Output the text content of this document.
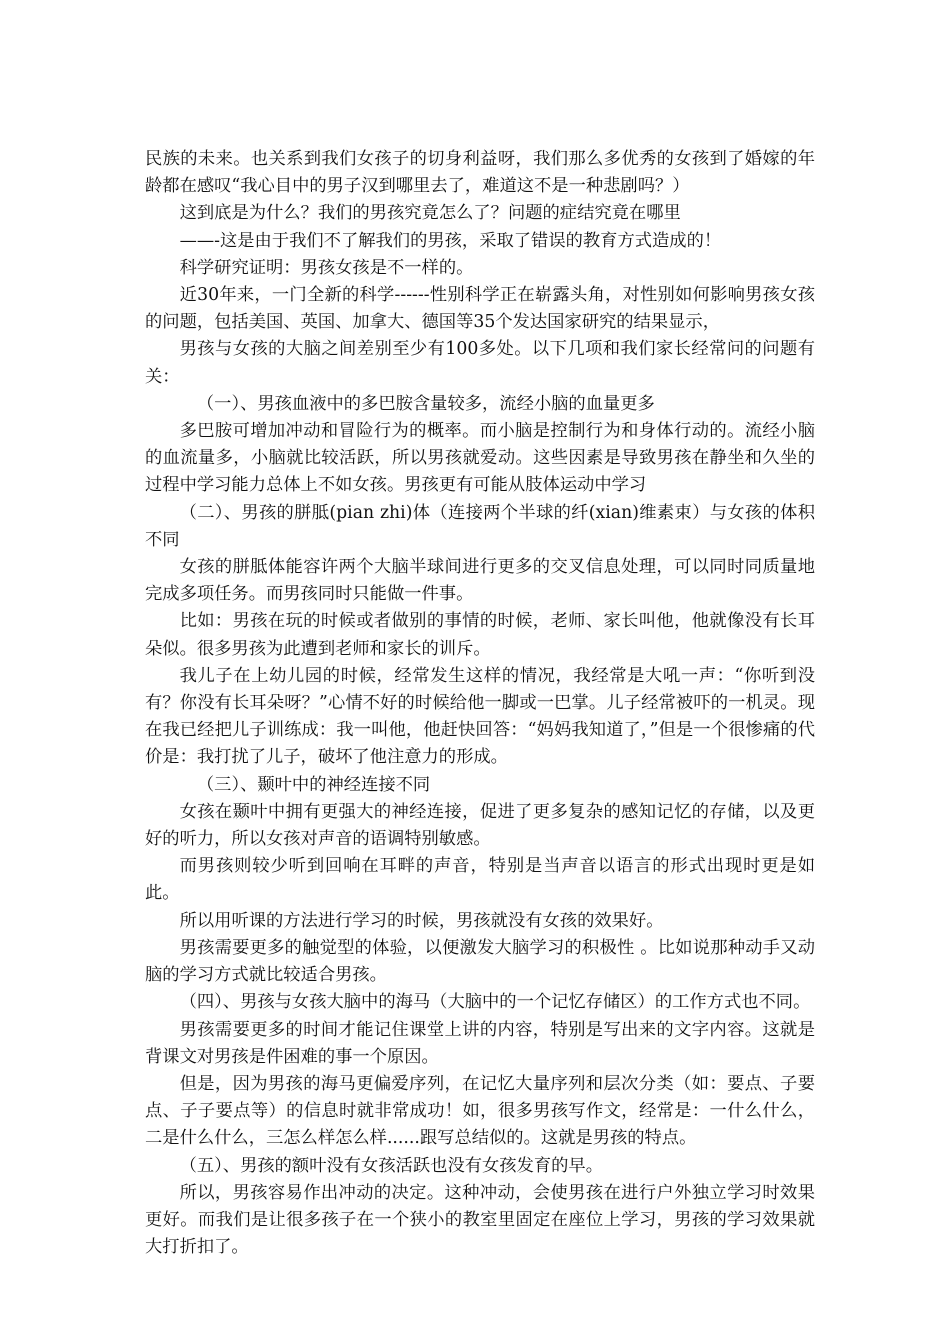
民族的未来。也关系到我们女孩子的切身利益呀，我们那么多优秀的女孩到了婚嫁的年龄都在感叹“我心目中的男子汉到哪里去了，难道这不是一种悲剧吗？）

这到底是为什么？我们的男孩究竟怎么了？问题的症结究竟在哪里

——-这是由于我们不了解我们的男孩，采取了错误的教育方式造成的！

科学研究证明：男孩女孩是不一样的。

近30年来，一门全新的科学------性别科学正在崭露头角，对性别如何影响男孩女孩的问题，包括美国、英国、加拿大、德国等35个发达国家研究的结果显示，

男孩与女孩的大脑之间差别至少有100多处。以下几项和我们家长经常问的问题有关：

（一）、男孩血液中的多巴胺含量较多，流经小脑的血量更多

多巴胺可增加冲动和冒险行为的概率。而小脑是控制行为和身体行动的。流经小脑的血流量多，小脑就比较活跃，所以男孩就爱动。这些因素是导致男孩在静坐和久坐的过程中学习能力总体上不如女孩。男孩更有可能从肢体运动中学习

（二）、男孩的胼胝(pian zhi)体（连接两个半球的纤(xian)维素束）与女孩的体积不同

女孩的胼胝体能容许两个大脑半球间进行更多的交叉信息处理，可以同时同质量地完成多项任务。而男孩同时只能做一件事。

比如：男孩在玩的时候或者做别的事情的时候，老师、家长叫他，他就像没有长耳朵似。很多男孩为此遭到老师和家长的训斥。

我儿子在上幼儿园的时候，经常发生这样的情况，我经常是大吼一声：“你听到没有？你没有长耳朵呀？”心情不好的时候给他一脚或一巴掌。儿子经常被吓的一机灵。现在我已经把儿子训练成：我一叫他，他赶快回答：“妈妈我知道了，”但是一个很惨痛的代价是：我打扰了儿子，破坏了他注意力的形成。

（三）、颞叶中的神经连接不同

女孩在颞叶中拥有更强大的神经连接，促进了更多复杂的感知记忆的存储，以及更好的听力，所以女孩对声音的语调特别敏感。

而男孩则较少听到回响在耳畔的声音，特别是当声音以语言的形式出现时更是如此。

所以用听课的方法进行学习的时候，男孩就没有女孩的效果好。

男孩需要更多的触觉型的体验，以便激发大脑学习的积极性 。比如说那种动手又动脑的学习方式就比较适合男孩。

（四）、男孩与女孩大脑中的海马（大脑中的一个记忆存储区）的工作方式也不同。

男孩需要更多的时间才能记住课堂上讲的内容，特别是写出来的文字内容。这就是背课文对男孩是件困难的事一个原因。

但是，因为男孩的海马更偏爱序列，在记忆大量序列和层次分类（如：要点、子要点、子子要点等）的信息时就非常成功！如，很多男孩写作文，经常是：一什么什么，二是什么什么，三怎么样怎么样......跟写总结似的。这就是男孩的特点。

（五）、男孩的额叶没有女孩活跃也没有女孩发育的早。

所以，男孩容易作出冲动的决定。这种冲动，会使男孩在进行户外独立学习时效果更好。而我们是让很多孩子在一个狭小的教室里固定在座位上学习，男孩的学习效果就大打折扣了。
